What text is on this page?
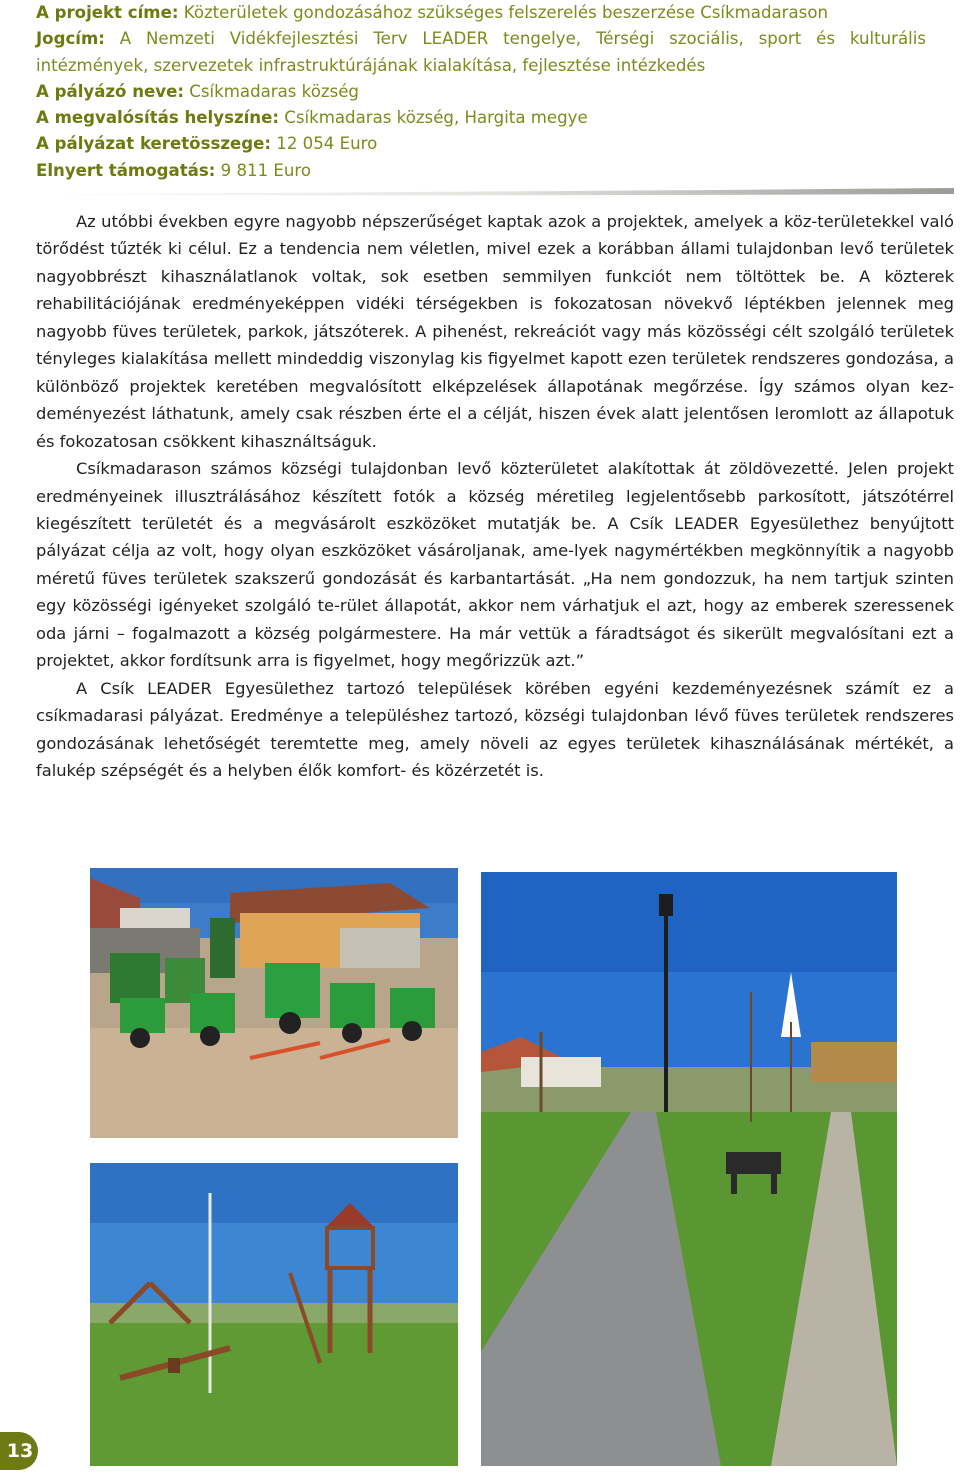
A projekt címe: Közterületek gondozásához szükséges felszerelés beszerzése Csíkmadarason
Jogcím: A Nemzeti Vidékfejlesztési Terv LEADER tengelye, Térségi szociális, sport és kulturális
intézmények, szervezetek infrastruktúrájának kialakítása, fejlesztése intézkedés
A pályázó neve: Csíkmadaras község
A megvalósítás helyszíne: Csíkmadaras község, Hargita megye
A pályázat keretösszege: 12 054 Euro
Elnyert támogatás: 9 811 Euro

Az utóbbi években egyre nagyobb népszerűséget kaptak azok a projektek, amelyek a köz-területekkel való törődést tűzték ki célul. Ez a tendencia nem véletlen, mivel ezek a korábban állami tulajdonban levő területek nagyobbrészt kihasználatlanok voltak, sok esetben semmilyen funkciót nem töltöttek be. A közterek rehabilitációjának eredményeképpen vidéki térségekben is fokozatosan növekvő léptékben jelennek meg nagyobb füves területek, parkok, játszóterek. A pihenést, rekreációt vagy más közösségi célt szolgáló területek tényleges kialakítása mellett mindeddig viszonylag kis figyelmet kapott ezen területek rendszeres gondozása, a különböző projektek keretében megvalósított elképzelések állapotának megőrzése. Így számos olyan kez-deményezést láthatunk, amely csak részben érte el a célját, hiszen évek alatt jelentősen leromlott az állapotuk és fokozatosan csökkent kihasználtságuk.

Csíkmadarason számos községi tulajdonban levő közterületet alakítottak át zöldövezetté. Jelen projekt eredményeinek illusztrálásához készített fotók a község méretileg legjelentősebb parkosított, játszótérrel kiegészített területét és a megvásárolt eszközöket mutatják be. A Csík LEADER Egyesülethez benyújtott pályázat célja az volt, hogy olyan eszközöket vásároljanak, ame-lyek nagymértékben megkönnyítik a nagyobb méretű füves területek szakszerű gondozását és karbantartását. „Ha nem gondozzuk, ha nem tartjuk szinten egy közösségi igényeket szolgáló te-rület állapotát, akkor nem várhatjuk el azt, hogy az emberek szeressenek oda járni – fogalmazott a község polgármestere. Ha már vettük a fáradtságot és sikerült megvalósítani ezt a projektet, akkor fordítsunk arra is figyelmet, hogy megőrizzük azt.”

A Csík LEADER Egyesülethez tartozó települések körében egyéni kezdeményezésnek számít ez a csíkmadarasi pályázat. Eredménye a településhez tartozó, községi tulajdonban lévő füves területek rendszeres gondozásának lehetőségét teremtette meg, amely növeli az egyes területek kihasználásának mértékét, a falukép szépségét és a helyben élők komfort- és közérzetét is.

13
